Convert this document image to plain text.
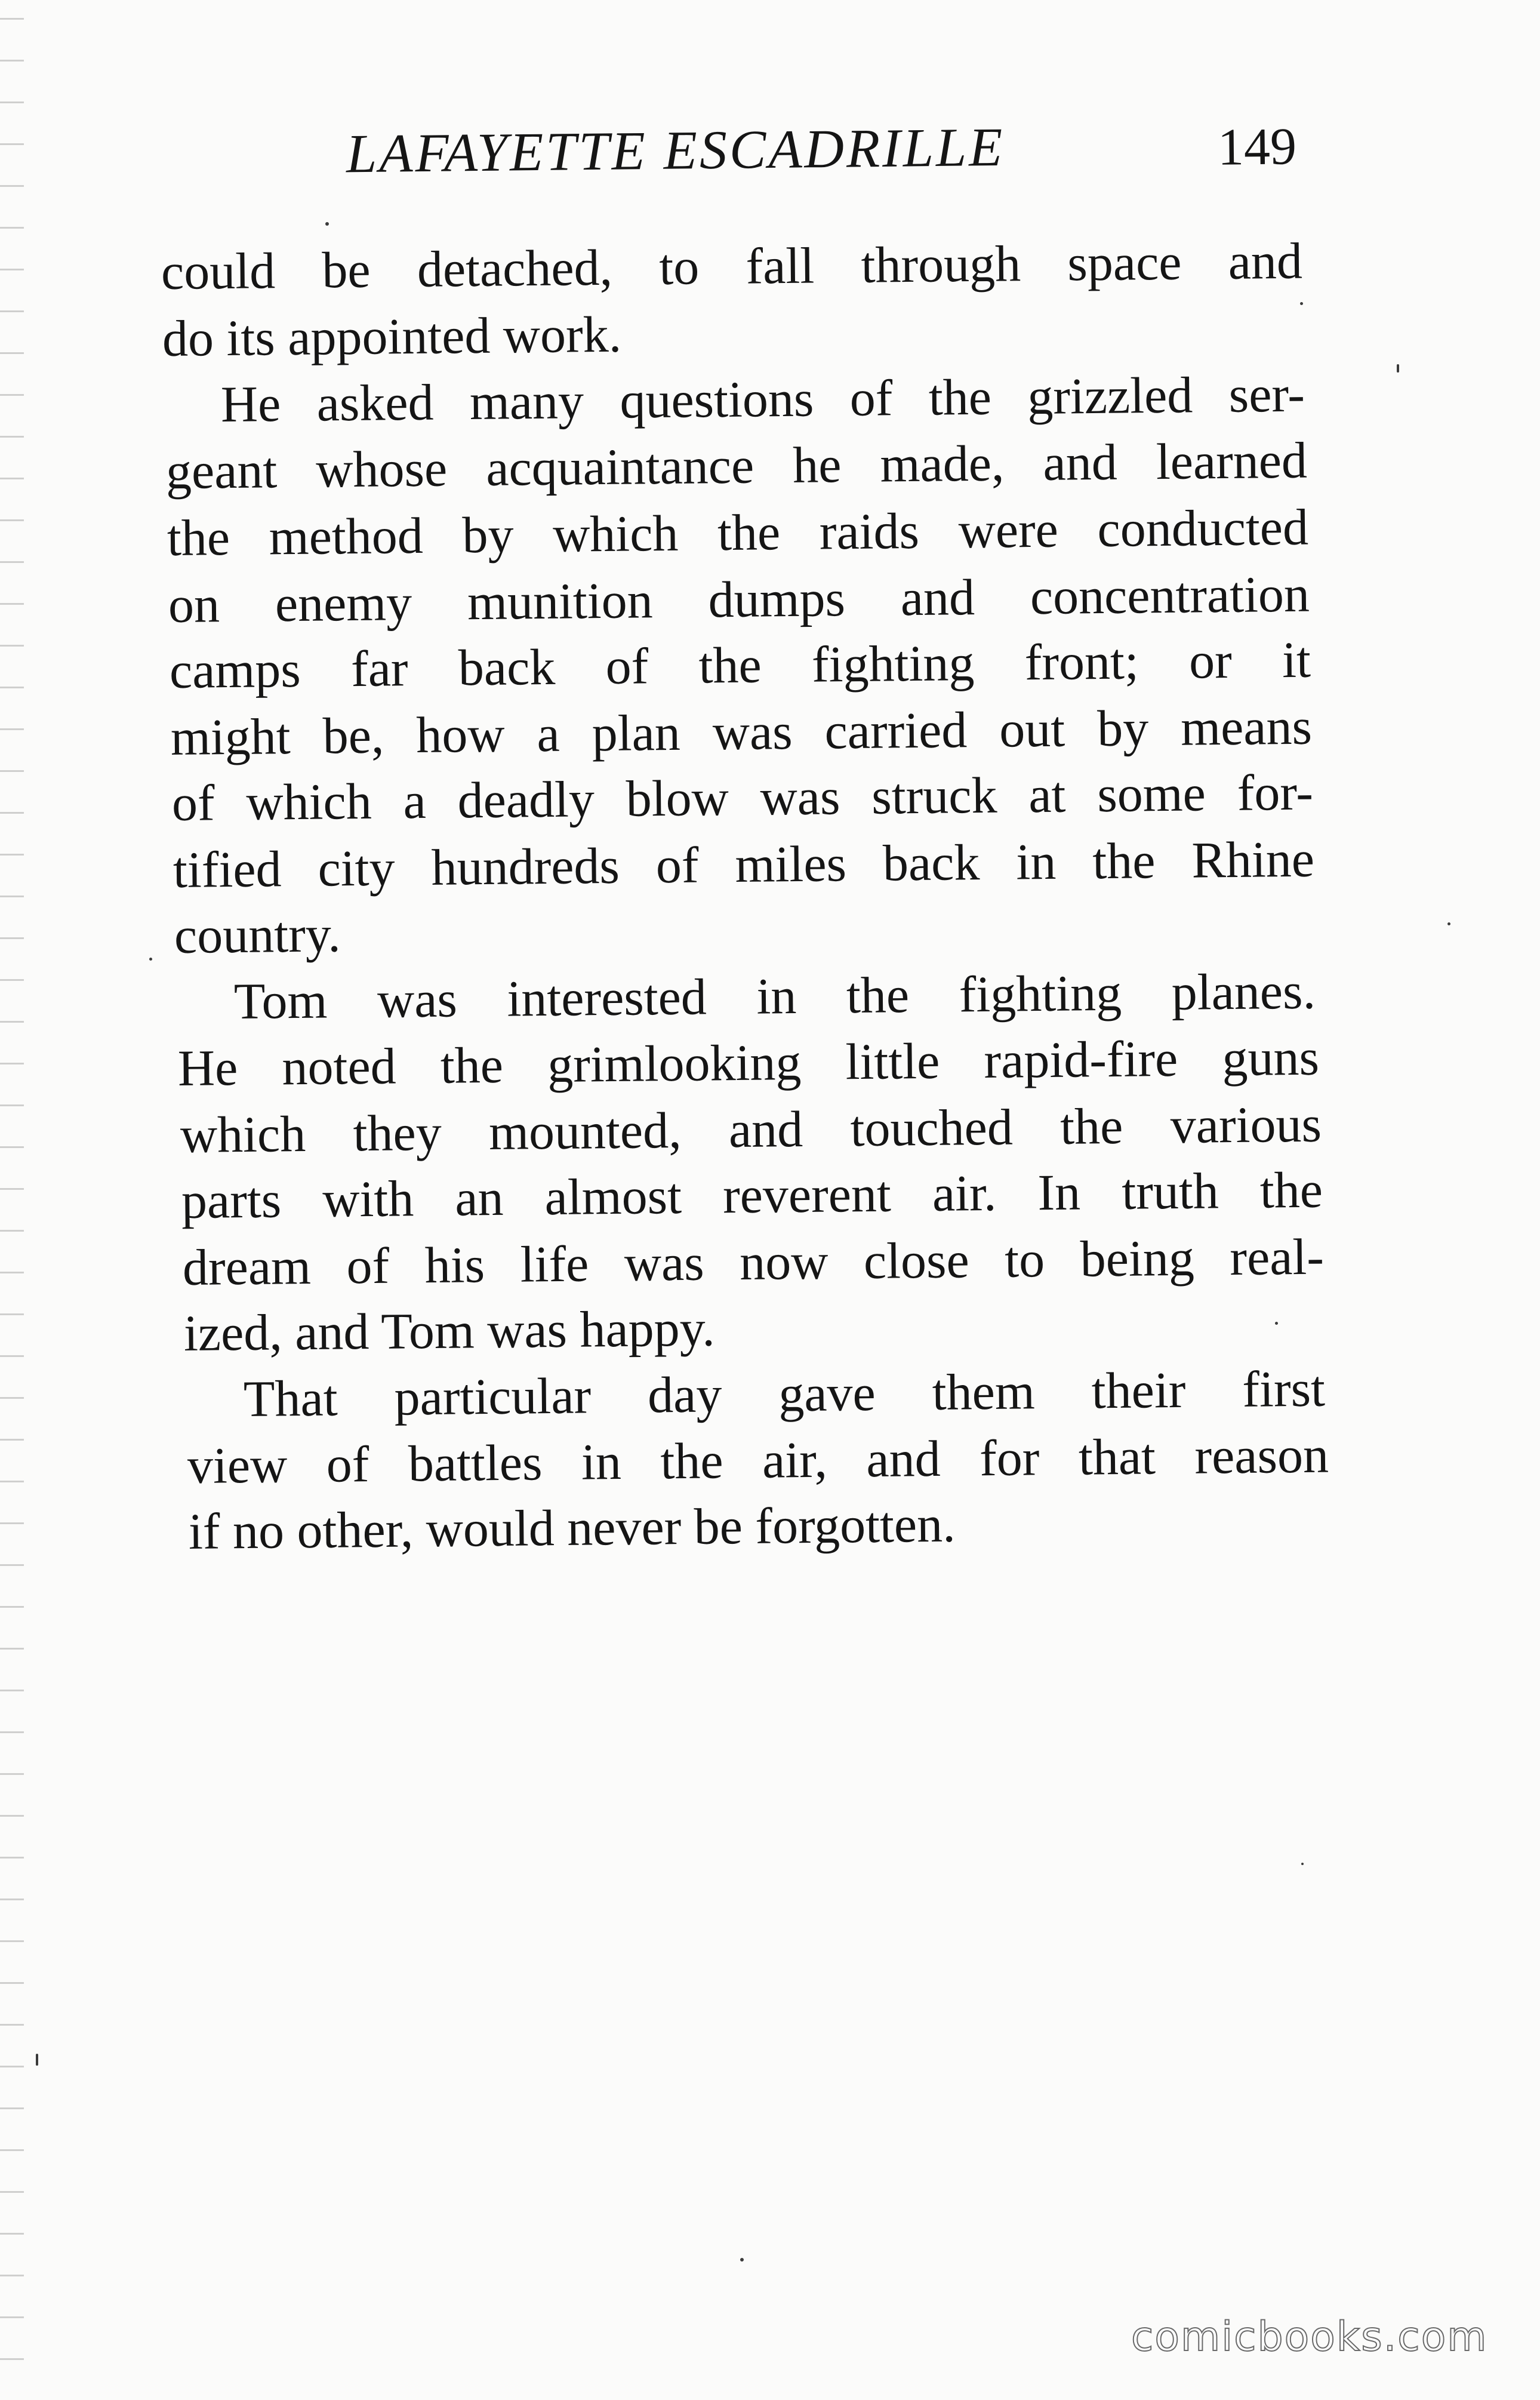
LAFAYETTE ESCADRILLE	149
could be detached, to fall through space and
do its appointed work.
He asked many questions of the grizzled ser-
geant whose acquaintance he made, and learned
the method by which the raids were conducted
on enemy munition dumps and concentration
camps far back of the fighting front; or it
might be, how a plan was carried out by means
of which a deadly blow was struck at some for-
tified city hundreds of miles back in the Rhine
country.
Tom was interested in the fighting planes.
He noted the grimlooking little rapid-fire guns
which they mounted, and touched the various
parts with an almost reverent air. In truth the
dream of his life was now close to being real-
ized, and Tom was happy.
That particular day gave them their first
view of battles in the air, and for that reason
if no other, would never be forgotten.
comicbooks.com
